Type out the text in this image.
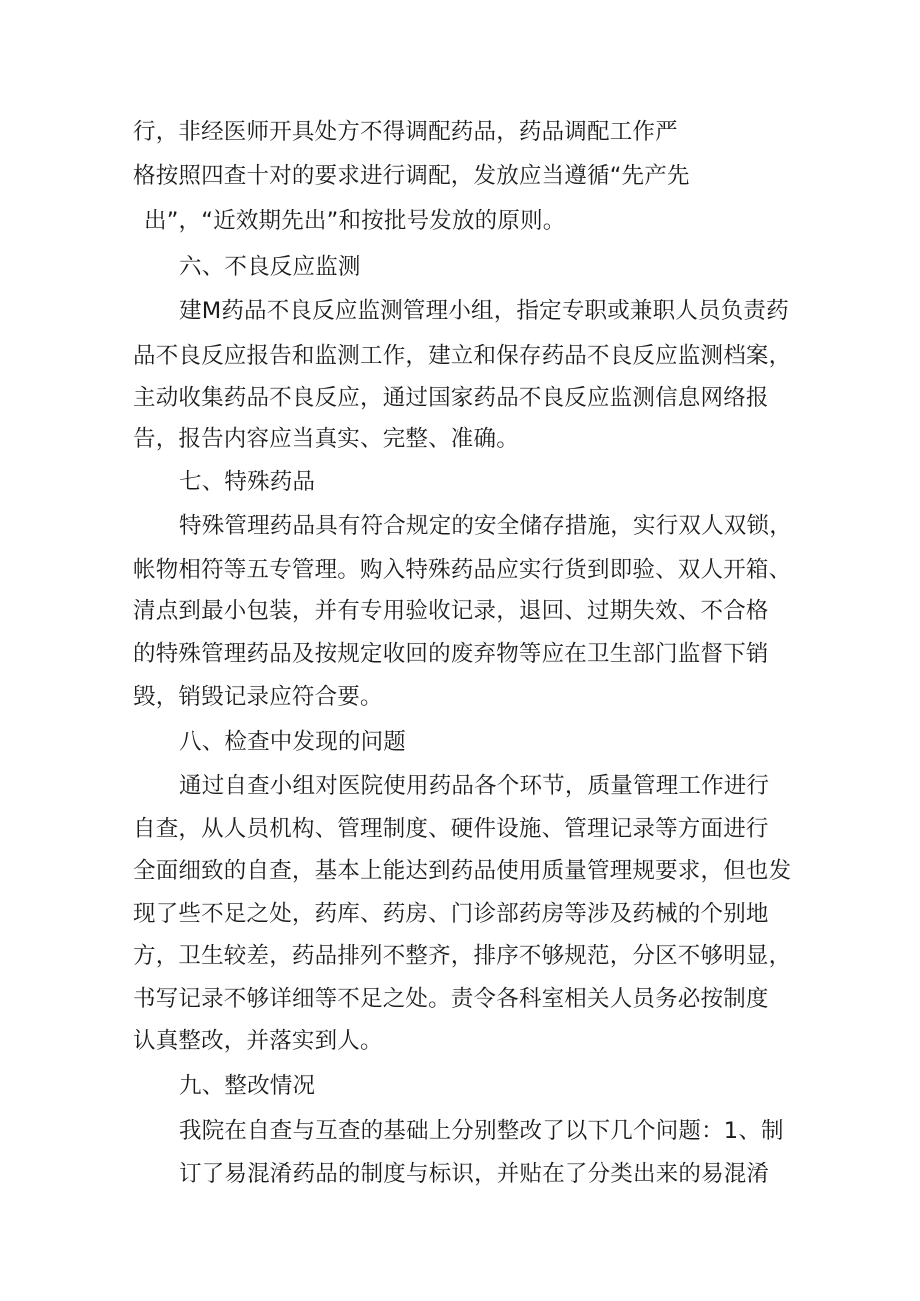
行，非经医师开具处方不得调配药品，药品调配工作严
格按照四查十对的要求进行调配，发放应当遵循“先产先
出”，“近效期先出”和按批号发放的原则。
六、不良反应监测
建M药品不良反应监测管理小组，指定专职或兼职人员负责药
品不良反应报告和监测工作，建立和保存药品不良反应监测档案，
主动收集药品不良反应，通过国家药品不良反应监测信息网络报
告，报告内容应当真实、完整、准确。
七、特殊药品
特殊管理药品具有符合规定的安全储存措施，实行双人双锁，
帐物相符等五专管理。购入特殊药品应实行货到即验、双人开箱、
清点到最小包装，并有专用验收记录，退回、过期失效、不合格
的特殊管理药品及按规定收回的废弃物等应在卫生部门监督下销
毁，销毁记录应符合要。
八、检查中发现的问题
通过自查小组对医院使用药品各个环节，质量管理工作进行
自查，从人员机构、管理制度、硬件设施、管理记录等方面进行
全面细致的自查，基本上能达到药品使用质量管理规要求，但也发
现了些不足之处，药库、药房、门诊部药房等涉及药械的个别地
方，卫生较差，药品排列不整齐，排序不够规范，分区不够明显，
书写记录不够详细等不足之处。责令各科室相关人员务必按制度
认真整改，并落实到人。
九、整改情况
我院在自查与互查的基础上分别整改了以下几个问题：1、制
订了易混淆药品的制度与标识，并贴在了分类出来的易混淆
